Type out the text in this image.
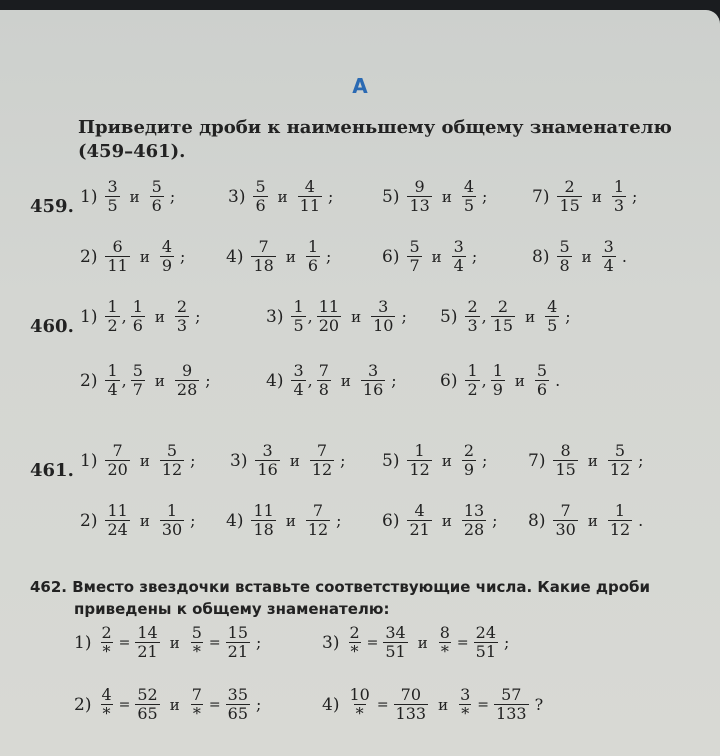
А
Приведите дроби к наименьшему общему знаменателю (459–461).
459. $1) \frac{3}{5}$ и $\frac{5}{6}$ ;	$3) \frac{5}{6}$ и $\frac{4}{11}$ ;	$5) \frac{9}{13}$ и $\frac{4}{5}$ ;	$7) \frac{2}{15}$ и $\frac{1}{3}$ ;
$2) \frac{6}{11}$ и $\frac{4}{9}$ ; $4) \frac{7}{18}$ и $\frac{1}{6}$ ;	$6) \frac{5}{7}$ и $\frac{3}{4}$ ;	$8) \frac{5}{8}$ и $\frac{3}{4}$ .
460. $1) \frac{1}{2}$ , $\frac{1}{6}$ и $\frac{2}{3}$ ;	$3) \frac{1}{5}$ , $\frac{11}{20}$ и $\frac{3}{10}$ ; $5) \frac{2}{3}$ , $\frac{2}{15}$ и $\frac{4}{5}$ ;
$2) \frac{1}{4}$ , $\frac{5}{7}$ и $\frac{9}{28}$ ;	$4) \frac{3}{4}$ , $\frac{7}{8}$ и $\frac{3}{16}$ ;	$6) \frac{1}{2}$ , $\frac{1}{9}$ и $\frac{5}{6}$ .
461. $1) \frac{7}{20}$ и $\frac{5}{12}$ ; $3) \frac{3}{16}$ и $\frac{7}{12}$ ; $5) \frac{1}{12}$ и $\frac{2}{9}$ ; $7) \frac{8}{15}$ и $\frac{5}{12}$ ;
$2) \frac{11}{24}$ и $\frac{1}{30}$ ; $4) \frac{11}{18}$ и $\frac{7}{12}$ ; $6) \frac{4}{21}$ и $\frac{13}{28}$ ; $8) \frac{7}{30}$ и $\frac{1}{12}$ .
$1) \frac{2}{*} = \frac{14}{21}$ и $\frac{5}{*} = \frac{15}{21}$ ;	$3) \frac{2}{*} = \frac{34}{51}$ и $\frac{8}{*} = \frac{24}{51}$ ;
$2) \frac{4}{*} = \frac{52}{65}$ и $\frac{7}{*} = \frac{35}{65}$ ;	$4) \frac{10}{*} = \frac{70}{133}$ и $\frac{3}{*} = \frac{57}{133}$ ?
462. Вместо звездочки вставьте соответствующие числа. Какие дроби приведены к общему знаменателю:
